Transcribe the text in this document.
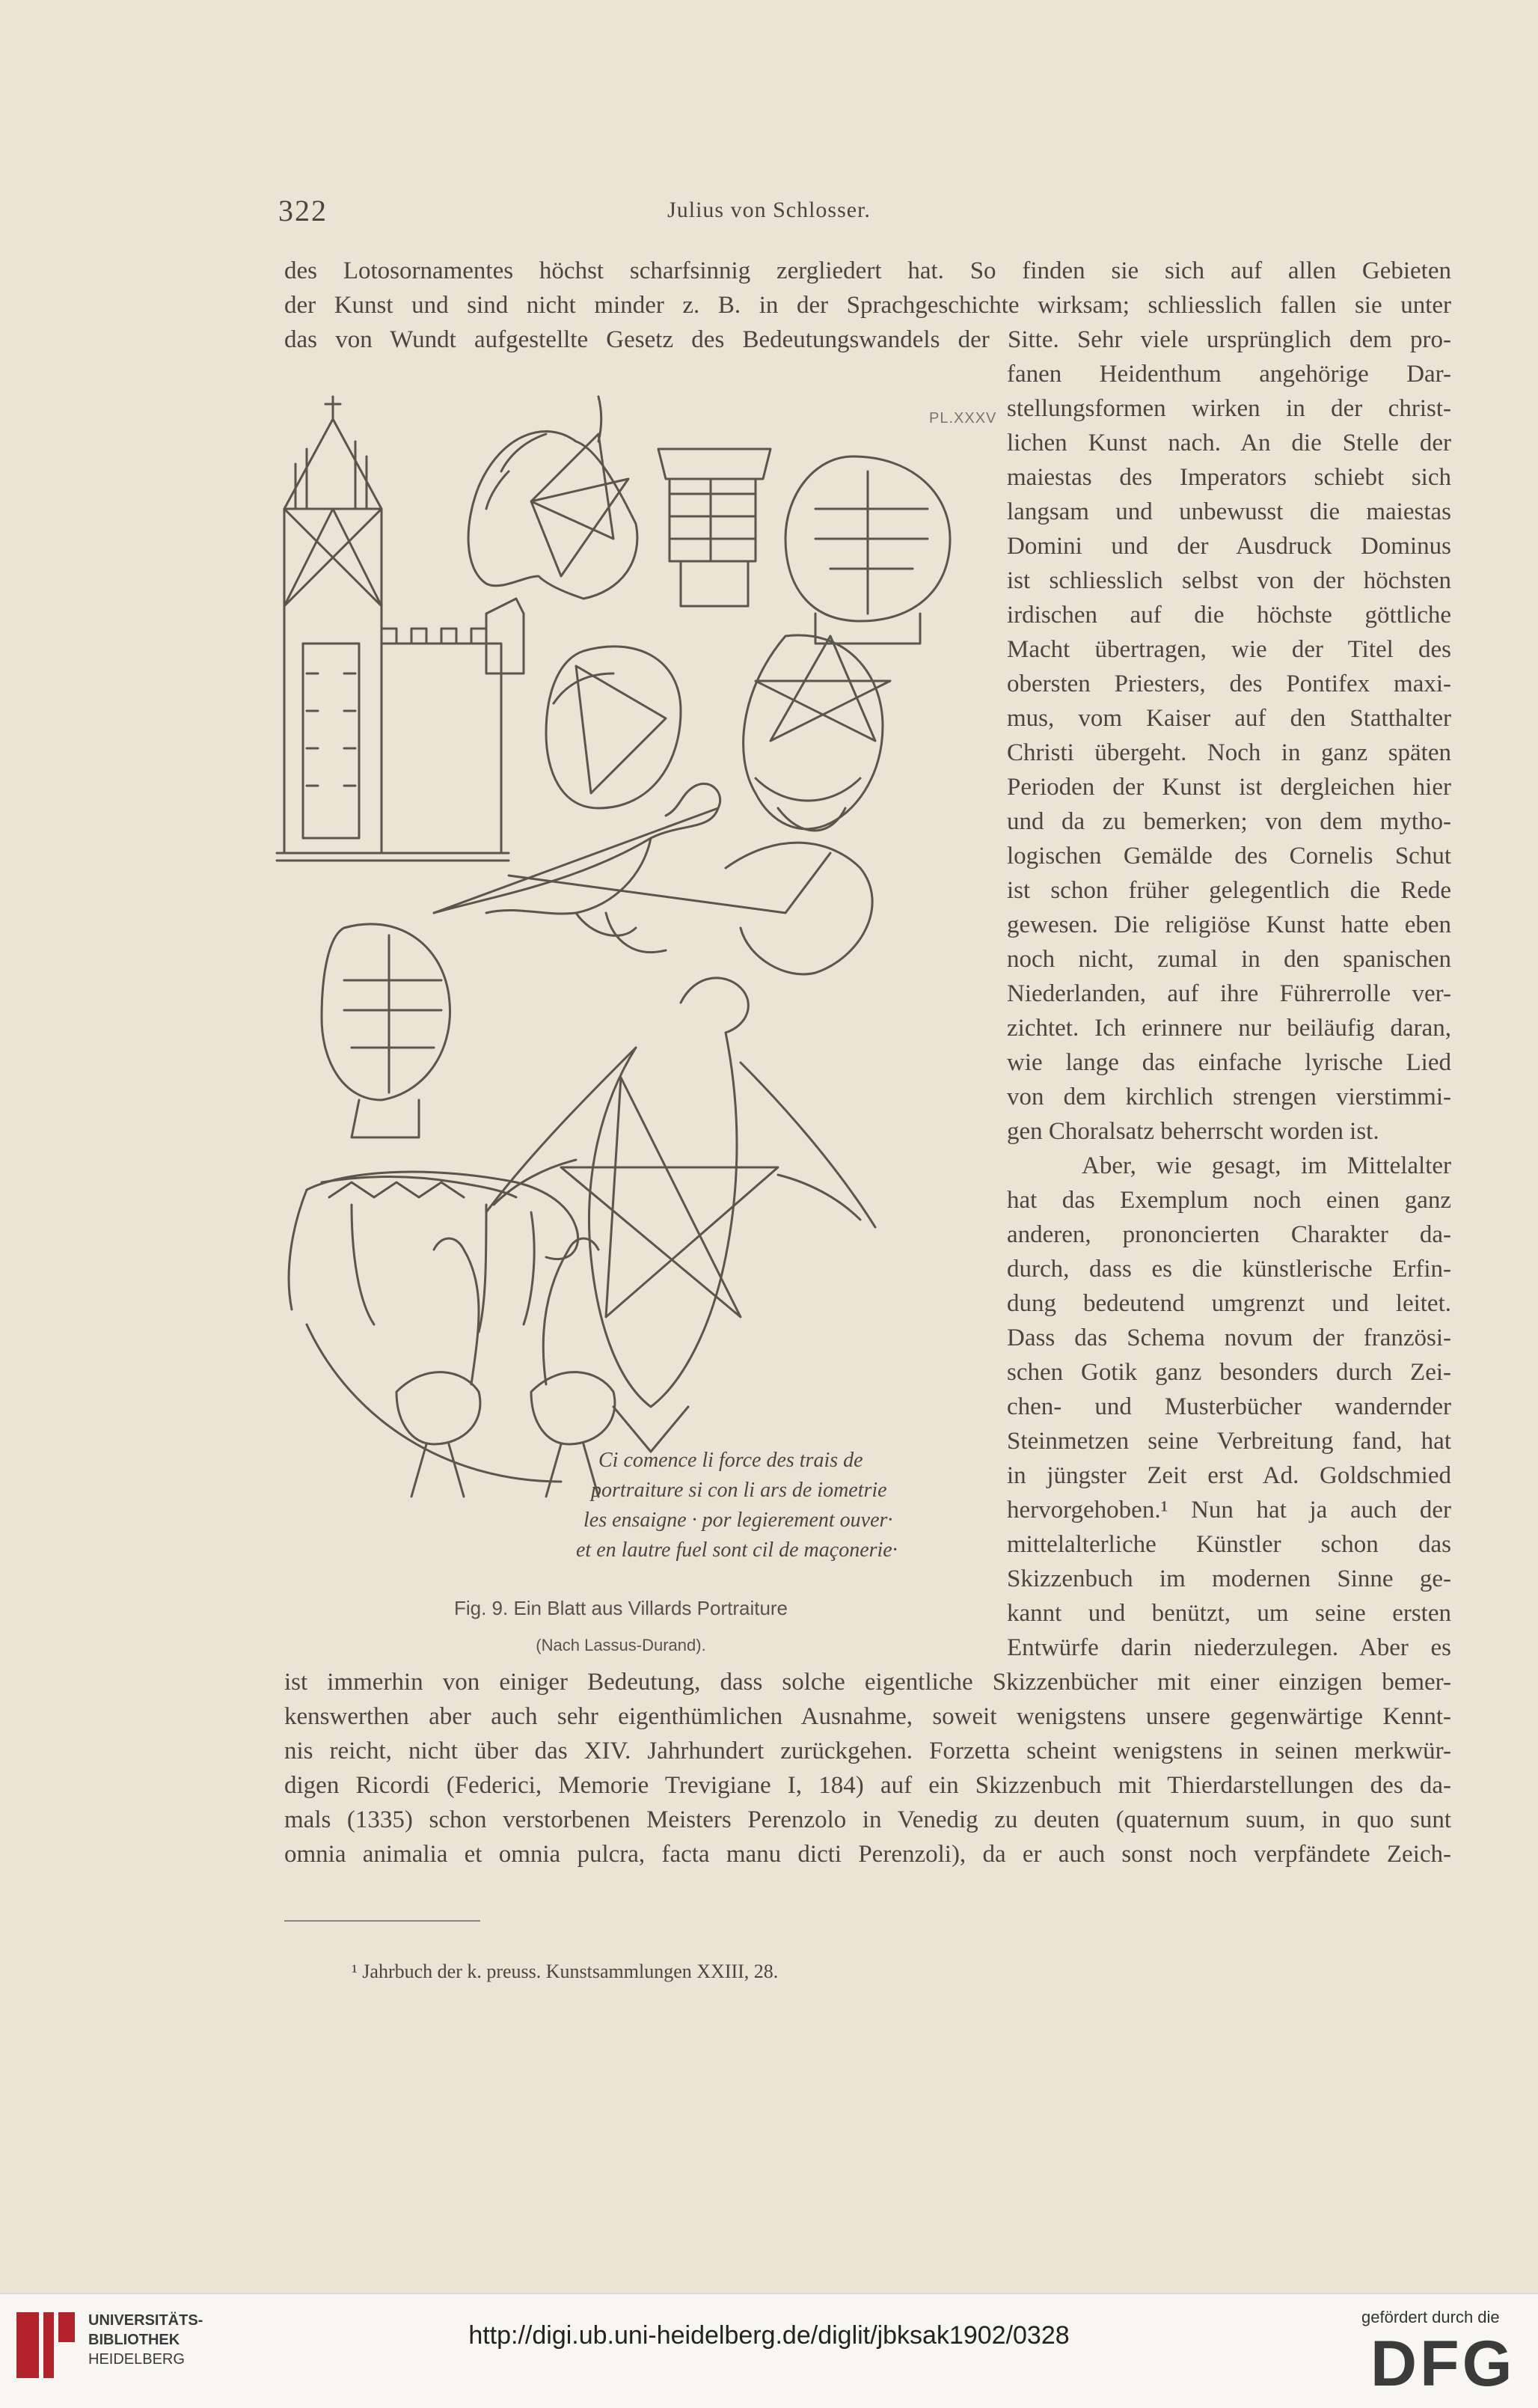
322	Julius von Schlosser.
des Lotosornamentes höchst scharfsinnig zergliedert hat. So finden sie sich auf allen Gebieten
der Kunst und sind nicht minder z. B. in der Sprachgeschichte wirksam; schliesslich fallen sie unter
das von Wundt aufgestellte Gesetz des Bedeutungswandels der Sitte. Sehr viele ursprünglich dem pro-
fanen Heidenthum angehörige Dar-
stellungsformen wirken in der christ-
lichen Kunst nach. An die Stelle der
maiestas des Imperators schiebt sich
langsam und unbewusst die maiestas
Domini und der Ausdruck Dominus
ist schliesslich selbst von der höchsten
irdischen auf die höchste göttliche
Macht übertragen, wie der Titel des
obersten Priesters, des Pontifex maxi-
mus, vom Kaiser auf den Statthalter
Christi übergeht. Noch in ganz späten
Perioden der Kunst ist dergleichen hier
und da zu bemerken; von dem mytho-
logischen Gemälde des Cornelis Schut
ist schon früher gelegentlich die Rede
gewesen. Die religiöse Kunst hatte eben
noch nicht, zumal in den spanischen
Niederlanden, auf ihre Führerrolle ver-
zichtet. Ich erinnere nur beiläufig daran,
wie lange das einfache lyrische Lied
von dem kirchlich strengen vierstimmi-
gen Choralsatz beherrscht worden ist.
Aber, wie gesagt, im Mittelalter
hat das Exemplum noch einen ganz
anderen, prononcierten Charakter da-
durch, dass es die künstlerische Erfin-
dung bedeutend umgrenzt und leitet.
Dass das Schema novum der französi-
schen Gotik ganz besonders durch Zei-
chen- und Musterbücher wandernder
Steinmetzen seine Verbreitung fand, hat
in jüngster Zeit erst Ad. Goldschmied
hervorgehoben.¹ Nun hat ja auch der
mittelalterliche Künstler schon das
Skizzenbuch im modernen Sinne ge-
kannt und benützt, um seine ersten
Entwürfe darin niederzulegen. Aber es
ist immerhin von einiger Bedeutung, dass solche eigentliche Skizzenbücher mit einer einzigen bemer-
kenswerthen aber auch sehr eigenthümlichen Ausnahme, soweit wenigstens unsere gegenwärtige Kennt-
nis reicht, nicht über das XIV. Jahrhundert zurückgehen. Forzetta scheint wenigstens in seinen merkwür-
digen Ricordi (Federici, Memorie Trevigiane I, 184) auf ein Skizzenbuch mit Thierdarstellungen des da-
mals (1335) schon verstorbenen Meisters Perenzolo in Venedig zu deuten (quaternum suum, in quo sunt
omnia animalia et omnia pulcra, facta manu dicti Perenzoli), da er auch sonst noch verpfändete Zeich-
PL.XXXV
Ci comence li force des trais de
portraiture si con li ars de iometrie
les ensaigne · por legierement ouver·
et en lautre fuel sont cil de maçonerie·
Fig. 9. Ein Blatt aus Villards Portraiture
(Nach Lassus-Durand).
¹ Jahrbuch der k. preuss. Kunstsammlungen XXIII, 28.
UNIVERSITÄTS-
BIBLIOTHEK
HEIDELBERG
http://digi.ub.uni-heidelberg.de/diglit/jbksak1902/0328
gefördert durch die
DFG
